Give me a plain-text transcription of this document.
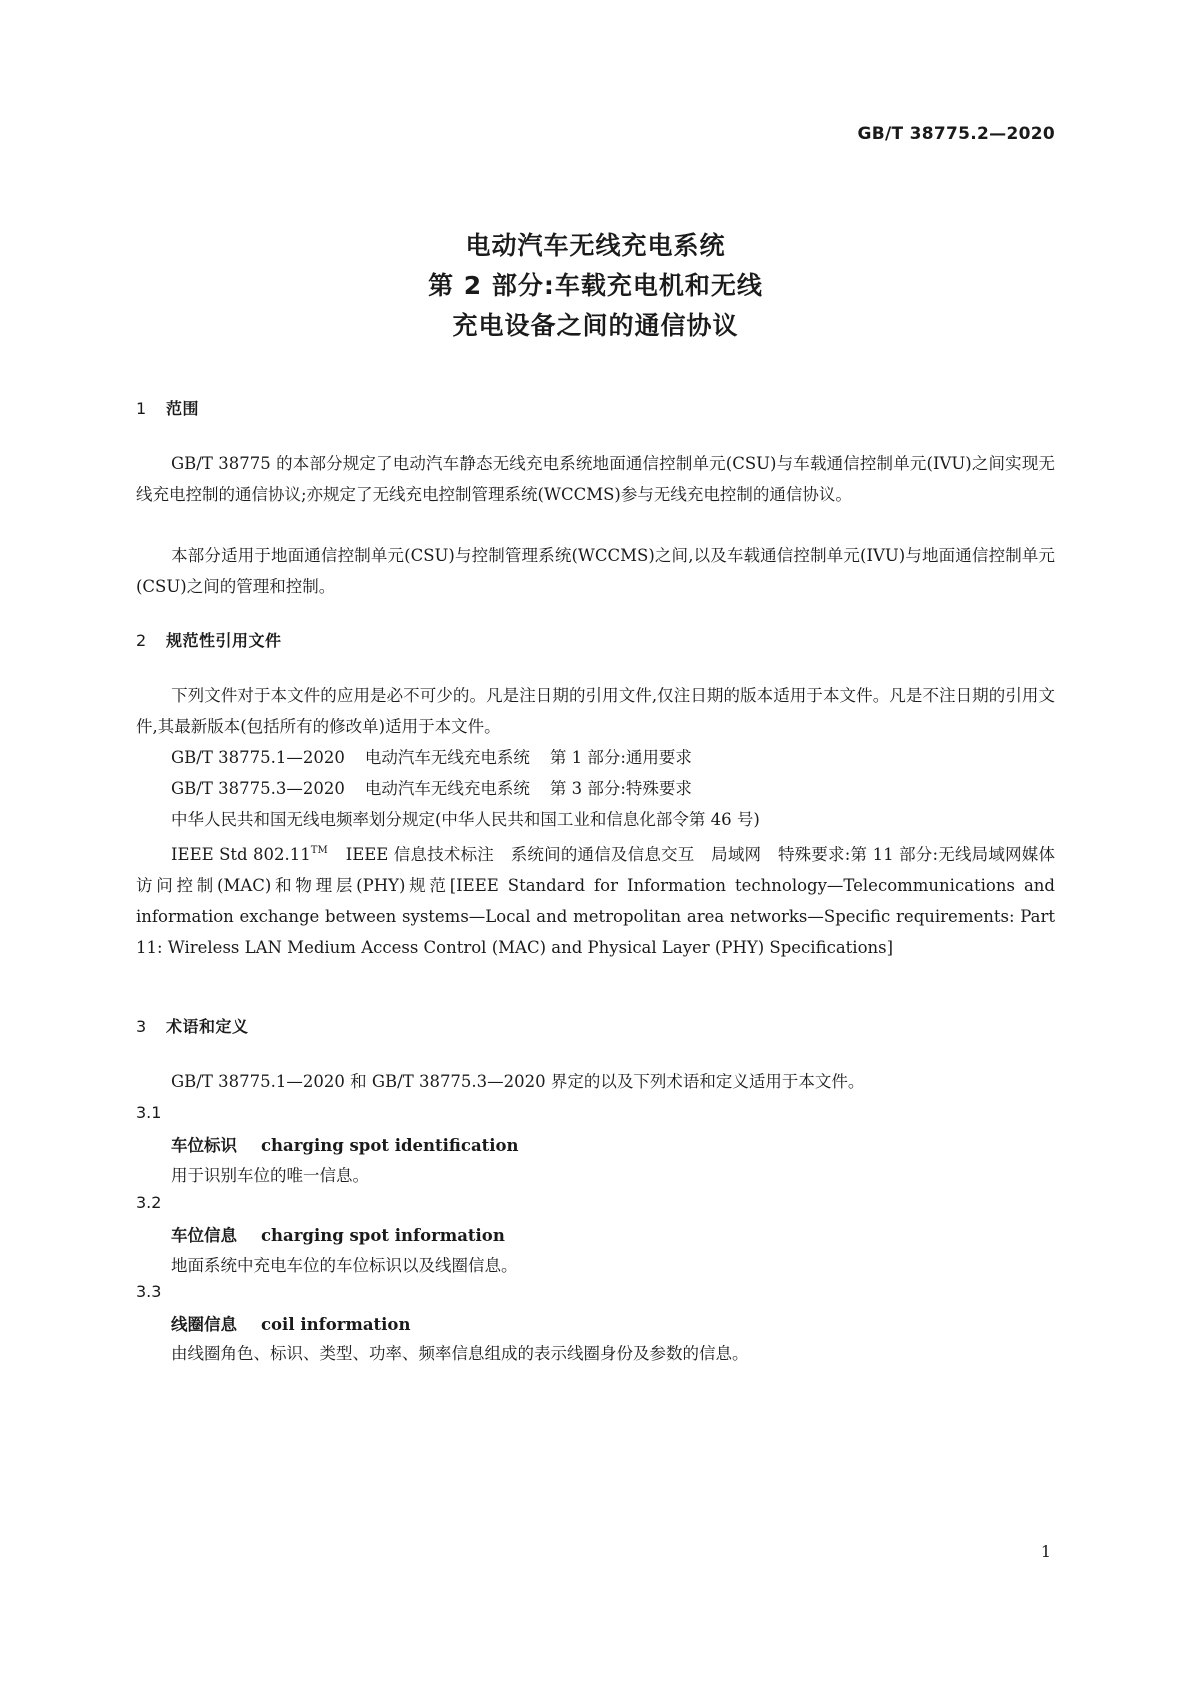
GB/T 38775.2—2020
电动汽车无线充电系统
第 2 部分:车载充电机和无线
充电设备之间的通信协议
1 范围
GB/T 38775 的本部分规定了电动汽车静态无线充电系统地面通信控制单元(CSU)与车载通信控制单元(IVU)之间实现无线充电控制的通信协议;亦规定了无线充电控制管理系统(WCCMS)参与无线充电控制的通信协议。
本部分适用于地面通信控制单元(CSU)与控制管理系统(WCCMS)之间,以及车载通信控制单元(IVU)与地面通信控制单元(CSU)之间的管理和控制。
2 规范性引用文件
下列文件对于本文件的应用是必不可少的。凡是注日期的引用文件,仅注日期的版本适用于本文件。凡是不注日期的引用文件,其最新版本(包括所有的修改单)适用于本文件。
GB/T 38775.1—2020 电动汽车无线充电系统 第 1 部分:通用要求
GB/T 38775.3—2020 电动汽车无线充电系统 第 3 部分:特殊要求
中华人民共和国无线电频率划分规定(中华人民共和国工业和信息化部令第 46 号)
IEEE Std 802.11™ IEEE 信息技术标注　系统间的通信及信息交互　局域网　特殊要求:第 11 部分:无线局域网媒体访问控制(MAC)和物理层(PHY)规范[IEEE Standard for Information technology—Telecommunications and information exchange between systems—Local and metropolitan area networks—Specific requirements: Part 11: Wireless LAN Medium Access Control (MAC) and Physical Layer (PHY) Specifications]
3 术语和定义
GB/T 38775.1—2020 和 GB/T 38775.3—2020 界定的以及下列术语和定义适用于本文件。
3.1
车位标识 charging spot identification
用于识别车位的唯一信息。
3.2
车位信息 charging spot information
地面系统中充电车位的车位标识以及线圈信息。
3.3
线圈信息 coil information
由线圈角色、标识、类型、功率、频率信息组成的表示线圈身份及参数的信息。
1
